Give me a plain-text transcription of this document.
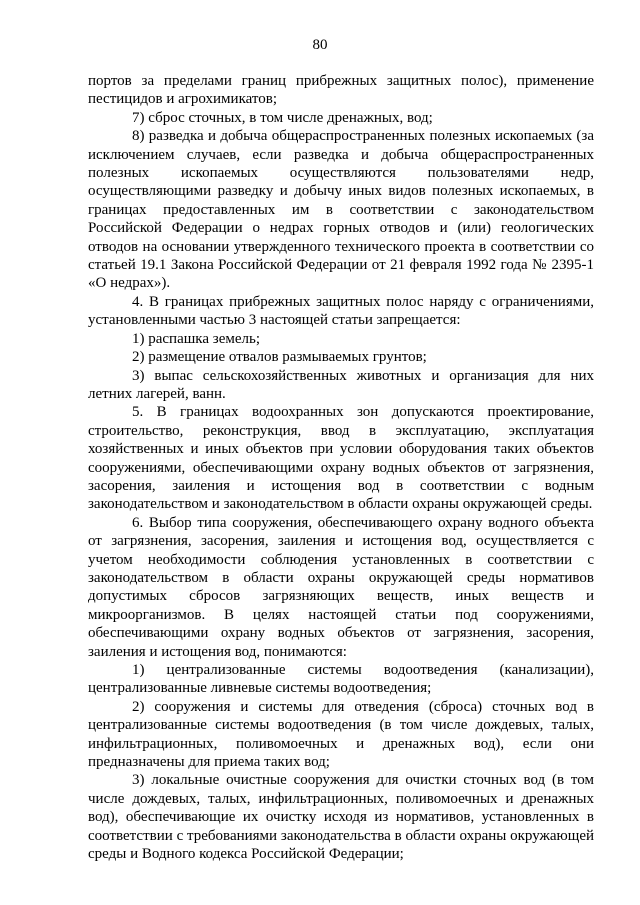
80

портов за пределами границ прибрежных защитных полос), применение пестицидов и агрохимикатов;

7) сброс сточных, в том числе дренажных, вод;

8) разведка и добыча общераспространенных полезных ископаемых (за исключением случаев, если разведка и добыча общераспространенных полезных ископаемых осуществляются пользователями недр, осуществляющими разведку и добычу иных видов полезных ископаемых, в границах предоставленных им в соответствии с законодательством Российской Федерации о недрах горных отводов и (или) геологических отводов на основании утвержденного технического проекта в соответствии со статьей 19.1 Закона Российской Федерации от 21 февраля 1992 года № 2395-1 «О недрах»).

4. В границах прибрежных защитных полос наряду с ограничениями, установленными частью 3 настоящей статьи запрещается:

1) распашка земель;

2) размещение отвалов размываемых грунтов;

3) выпас сельскохозяйственных животных и организация для них летних лагерей, ванн.

5. В границах водоохранных зон допускаются проектирование, строительство, реконструкция, ввод в эксплуатацию, эксплуатация хозяйственных и иных объектов при условии оборудования таких объектов сооружениями, обеспечивающими охрану водных объектов от загрязнения, засорения, заиления и истощения вод в соответствии с водным законодательством и законодательством в области охраны окружающей среды.

6. Выбор типа сооружения, обеспечивающего охрану водного объекта от загрязнения, засорения, заиления и истощения вод, осуществляется с учетом необходимости соблюдения установленных в соответствии с законодательством в области охраны окружающей среды нормативов допустимых сбросов загрязняющих веществ, иных веществ и микроорганизмов. В целях настоящей статьи под сооружениями, обеспечивающими охрану водных объектов от загрязнения, засорения, заиления и истощения вод, понимаются:

1) централизованные системы водоотведения (канализации), централизованные ливневые системы водоотведения;

2) сооружения и системы для отведения (сброса) сточных вод в централизованные системы водоотведения (в том числе дождевых, талых, инфильтрационных, поливомоечных и дренажных вод), если они предназначены для приема таких вод;

3) локальные очистные сооружения для очистки сточных вод (в том числе дождевых, талых, инфильтрационных, поливомоечных и дренажных вод), обеспечивающие их очистку исходя из нормативов, установленных в соответствии с требованиями законодательства в области охраны окружающей среды и Водного кодекса Российской Федерации;
